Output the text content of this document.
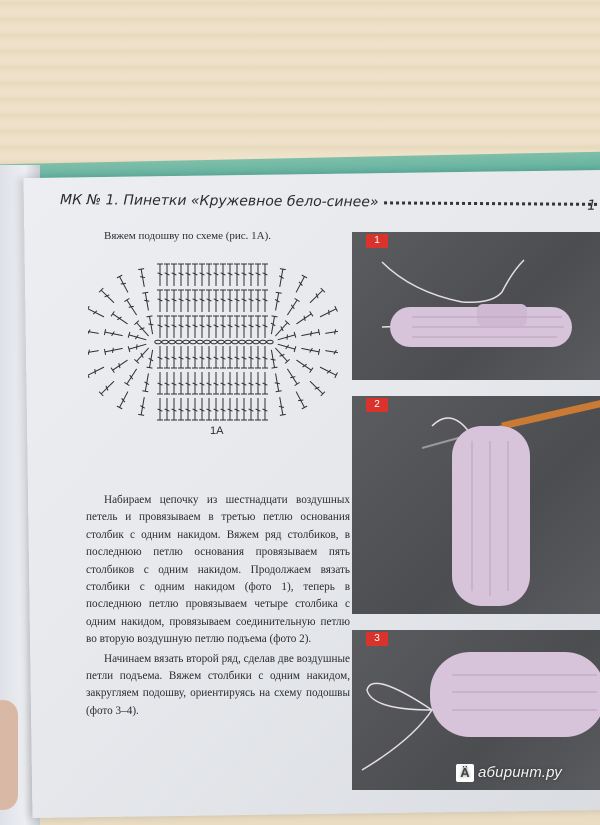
МК № 1. Пинетки «Кружевное бело-синее»	1
Вяжем подошву по схеме (рис. 1А).
1А

Набираем цепочку из шестнадцати воздушных петель и провязываем в третью петлю основания столбик с одним накидом. Вяжем ряд столбиков, в последнюю петлю основания провязываем пять столбиков с одним накидом. Продолжаем вязать столбики с одним накидом (фото 1), теперь в последнюю петлю провязываем четыре столбика с одним накидом, провязываем соединительную петлю во вторую воздушную петлю подъема (фото 2).

Начинаем вязать второй ряд, сделав две воздушные петли подъема. Вяжем столбики с одним накидом, закругляем подошву, ориентируясь на схему подошвы (фото 3–4).

1
2
3
Ä абиринт.ру
